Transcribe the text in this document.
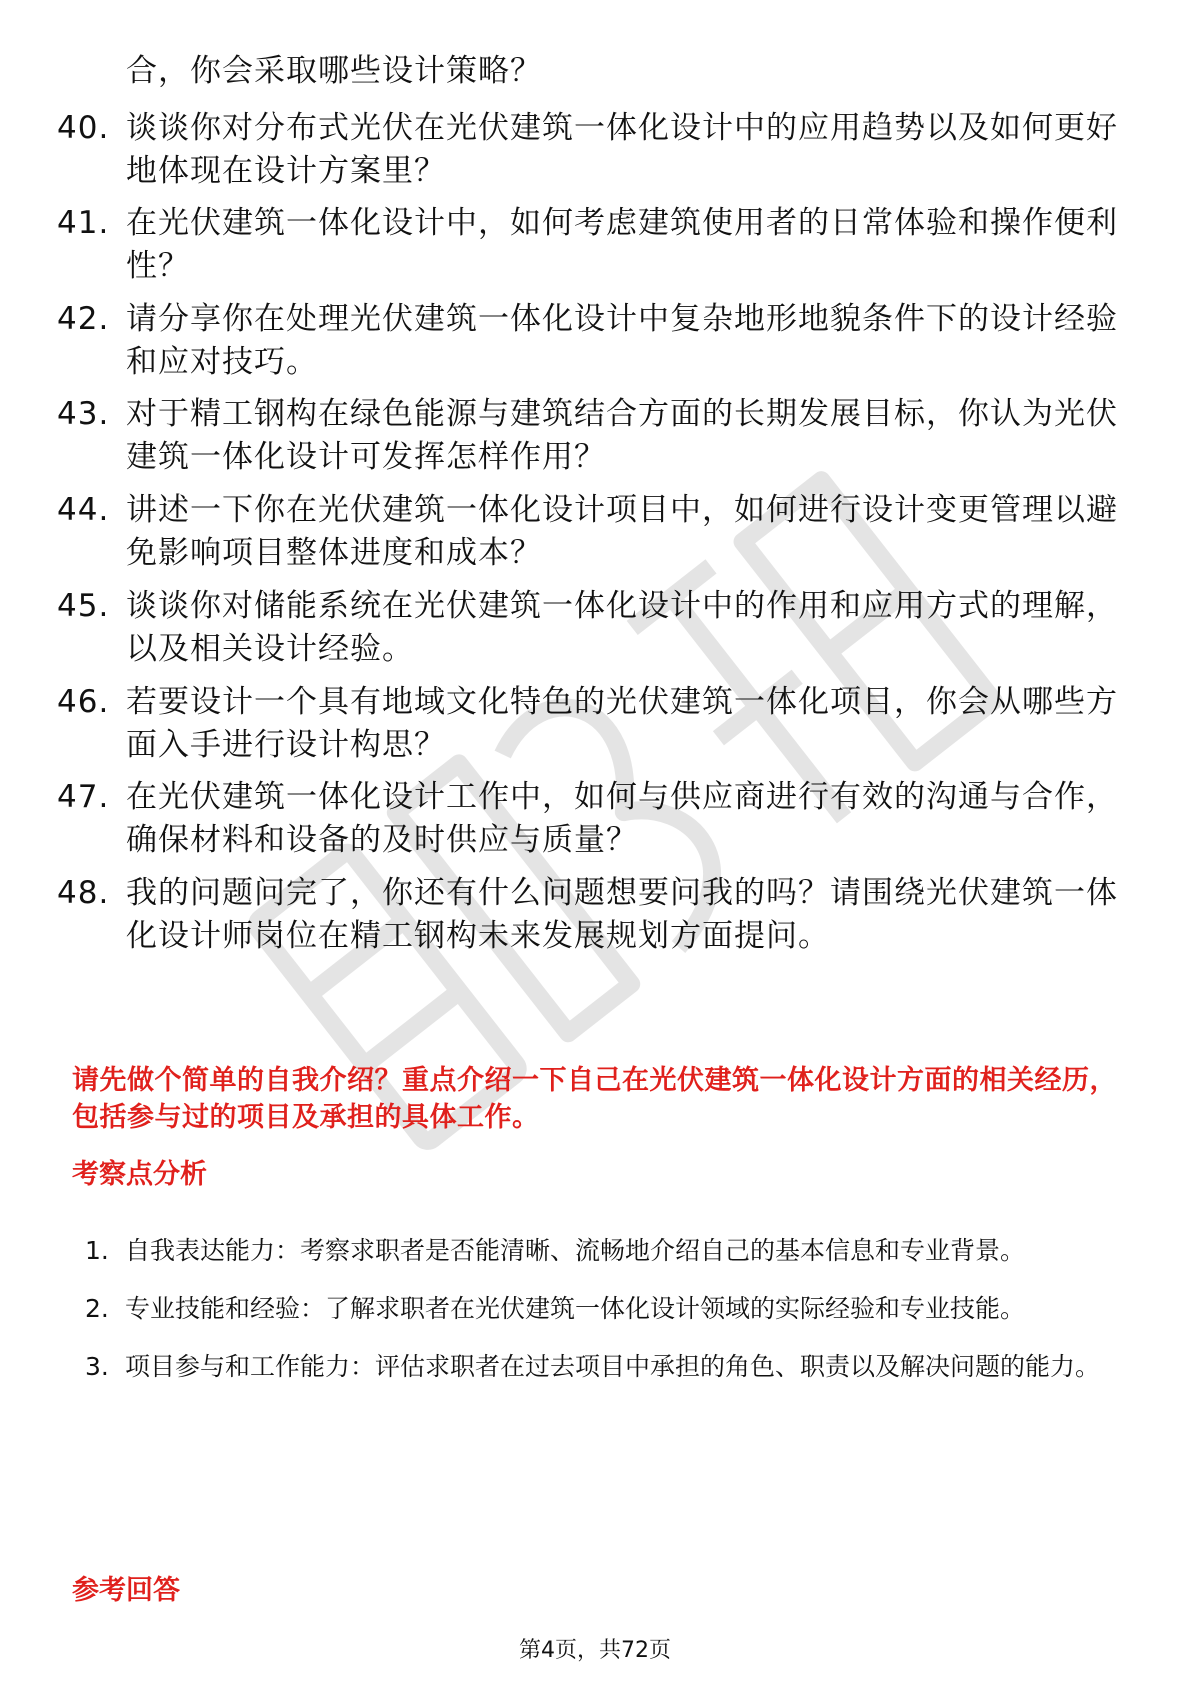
合，你会采取哪些设计策略？
40. 谈谈你对分布式光伏在光伏建筑一体化设计中的应用趋势以及如何更好地体现在设计方案里？
41. 在光伏建筑一体化设计中，如何考虑建筑使用者的日常体验和操作便利性？
42. 请分享你在处理光伏建筑一体化设计中复杂地形地貌条件下的设计经验和应对技巧。
43. 对于精工钢构在绿色能源与建筑结合方面的长期发展目标，你认为光伏建筑一体化设计可发挥怎样作用？
44. 讲述一下你在光伏建筑一体化设计项目中，如何进行设计变更管理以避免影响项目整体进度和成本？
45. 谈谈你对储能系统在光伏建筑一体化设计中的作用和应用方式的理解，以及相关设计经验。
46. 若要设计一个具有地域文化特色的光伏建筑一体化项目，你会从哪些方面入手进行设计构思？
47. 在光伏建筑一体化设计工作中，如何与供应商进行有效的沟通与合作，确保材料和设备的及时供应与质量？
48. 我的问题问完了，你还有什么问题想要问我的吗？请围绕光伏建筑一体化设计师岗位在精工钢构未来发展规划方面提问。
请先做个简单的自我介绍？重点介绍一下自己在光伏建筑一体化设计方面的相关经历，包括参与过的项目及承担的具体工作。
考察点分析
1. 自我表达能力：考察求职者是否能清晰、流畅地介绍自己的基本信息和专业背景。
2. 专业技能和经验：了解求职者在光伏建筑一体化设计领域的实际经验和专业技能。
3. 项目参与和工作能力：评估求职者在过去项目中承担的角色、职责以及解决问题的能力。
参考回答
第4页，共72页
